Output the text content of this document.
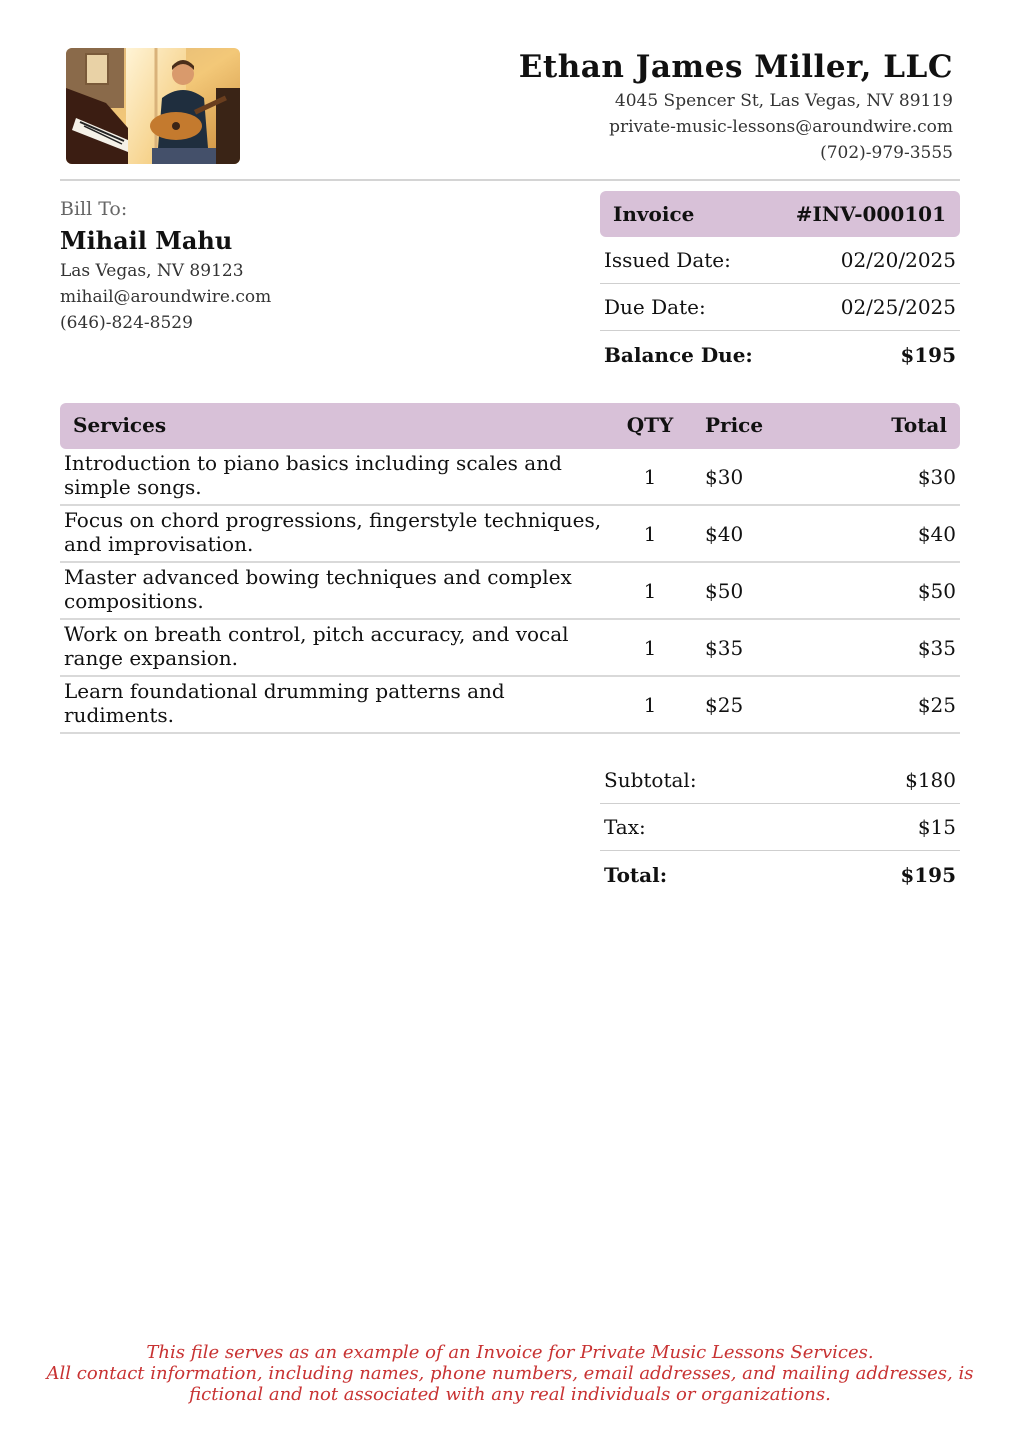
Ethan James Miller, LLC
4045 Spencer St, Las Vegas, NV 89119
private-music-lessons@aroundwire.com
(702)-979-3555
Bill To:
Mihail Mahu
Las Vegas, NV 89123
mihail@aroundwire.com
(646)-824-8529
Invoice	#INV-000101
Issued Date:	02/20/2025
Due Date:	02/25/2025
Balance Due:	$195
Services	QTY	Price	Total
Introduction to piano basics including scales and simple songs.	1	$30	$30
Focus on chord progressions, fingerstyle techniques, and improvisation.	1	$40	$40
Master advanced bowing techniques and complex compositions.	1	$50	$50
Work on breath control, pitch accuracy, and vocal range expansion.	1	$35	$35
Learn foundational drumming patterns and rudiments.	1	$25	$25
Subtotal:	$180
Tax:	$15
Total:	$195
This file serves as an example of an Invoice for Private Music Lessons Services.
All contact information, including names, phone numbers, email addresses, and mailing addresses, is
fictional and not associated with any real individuals or organizations.
